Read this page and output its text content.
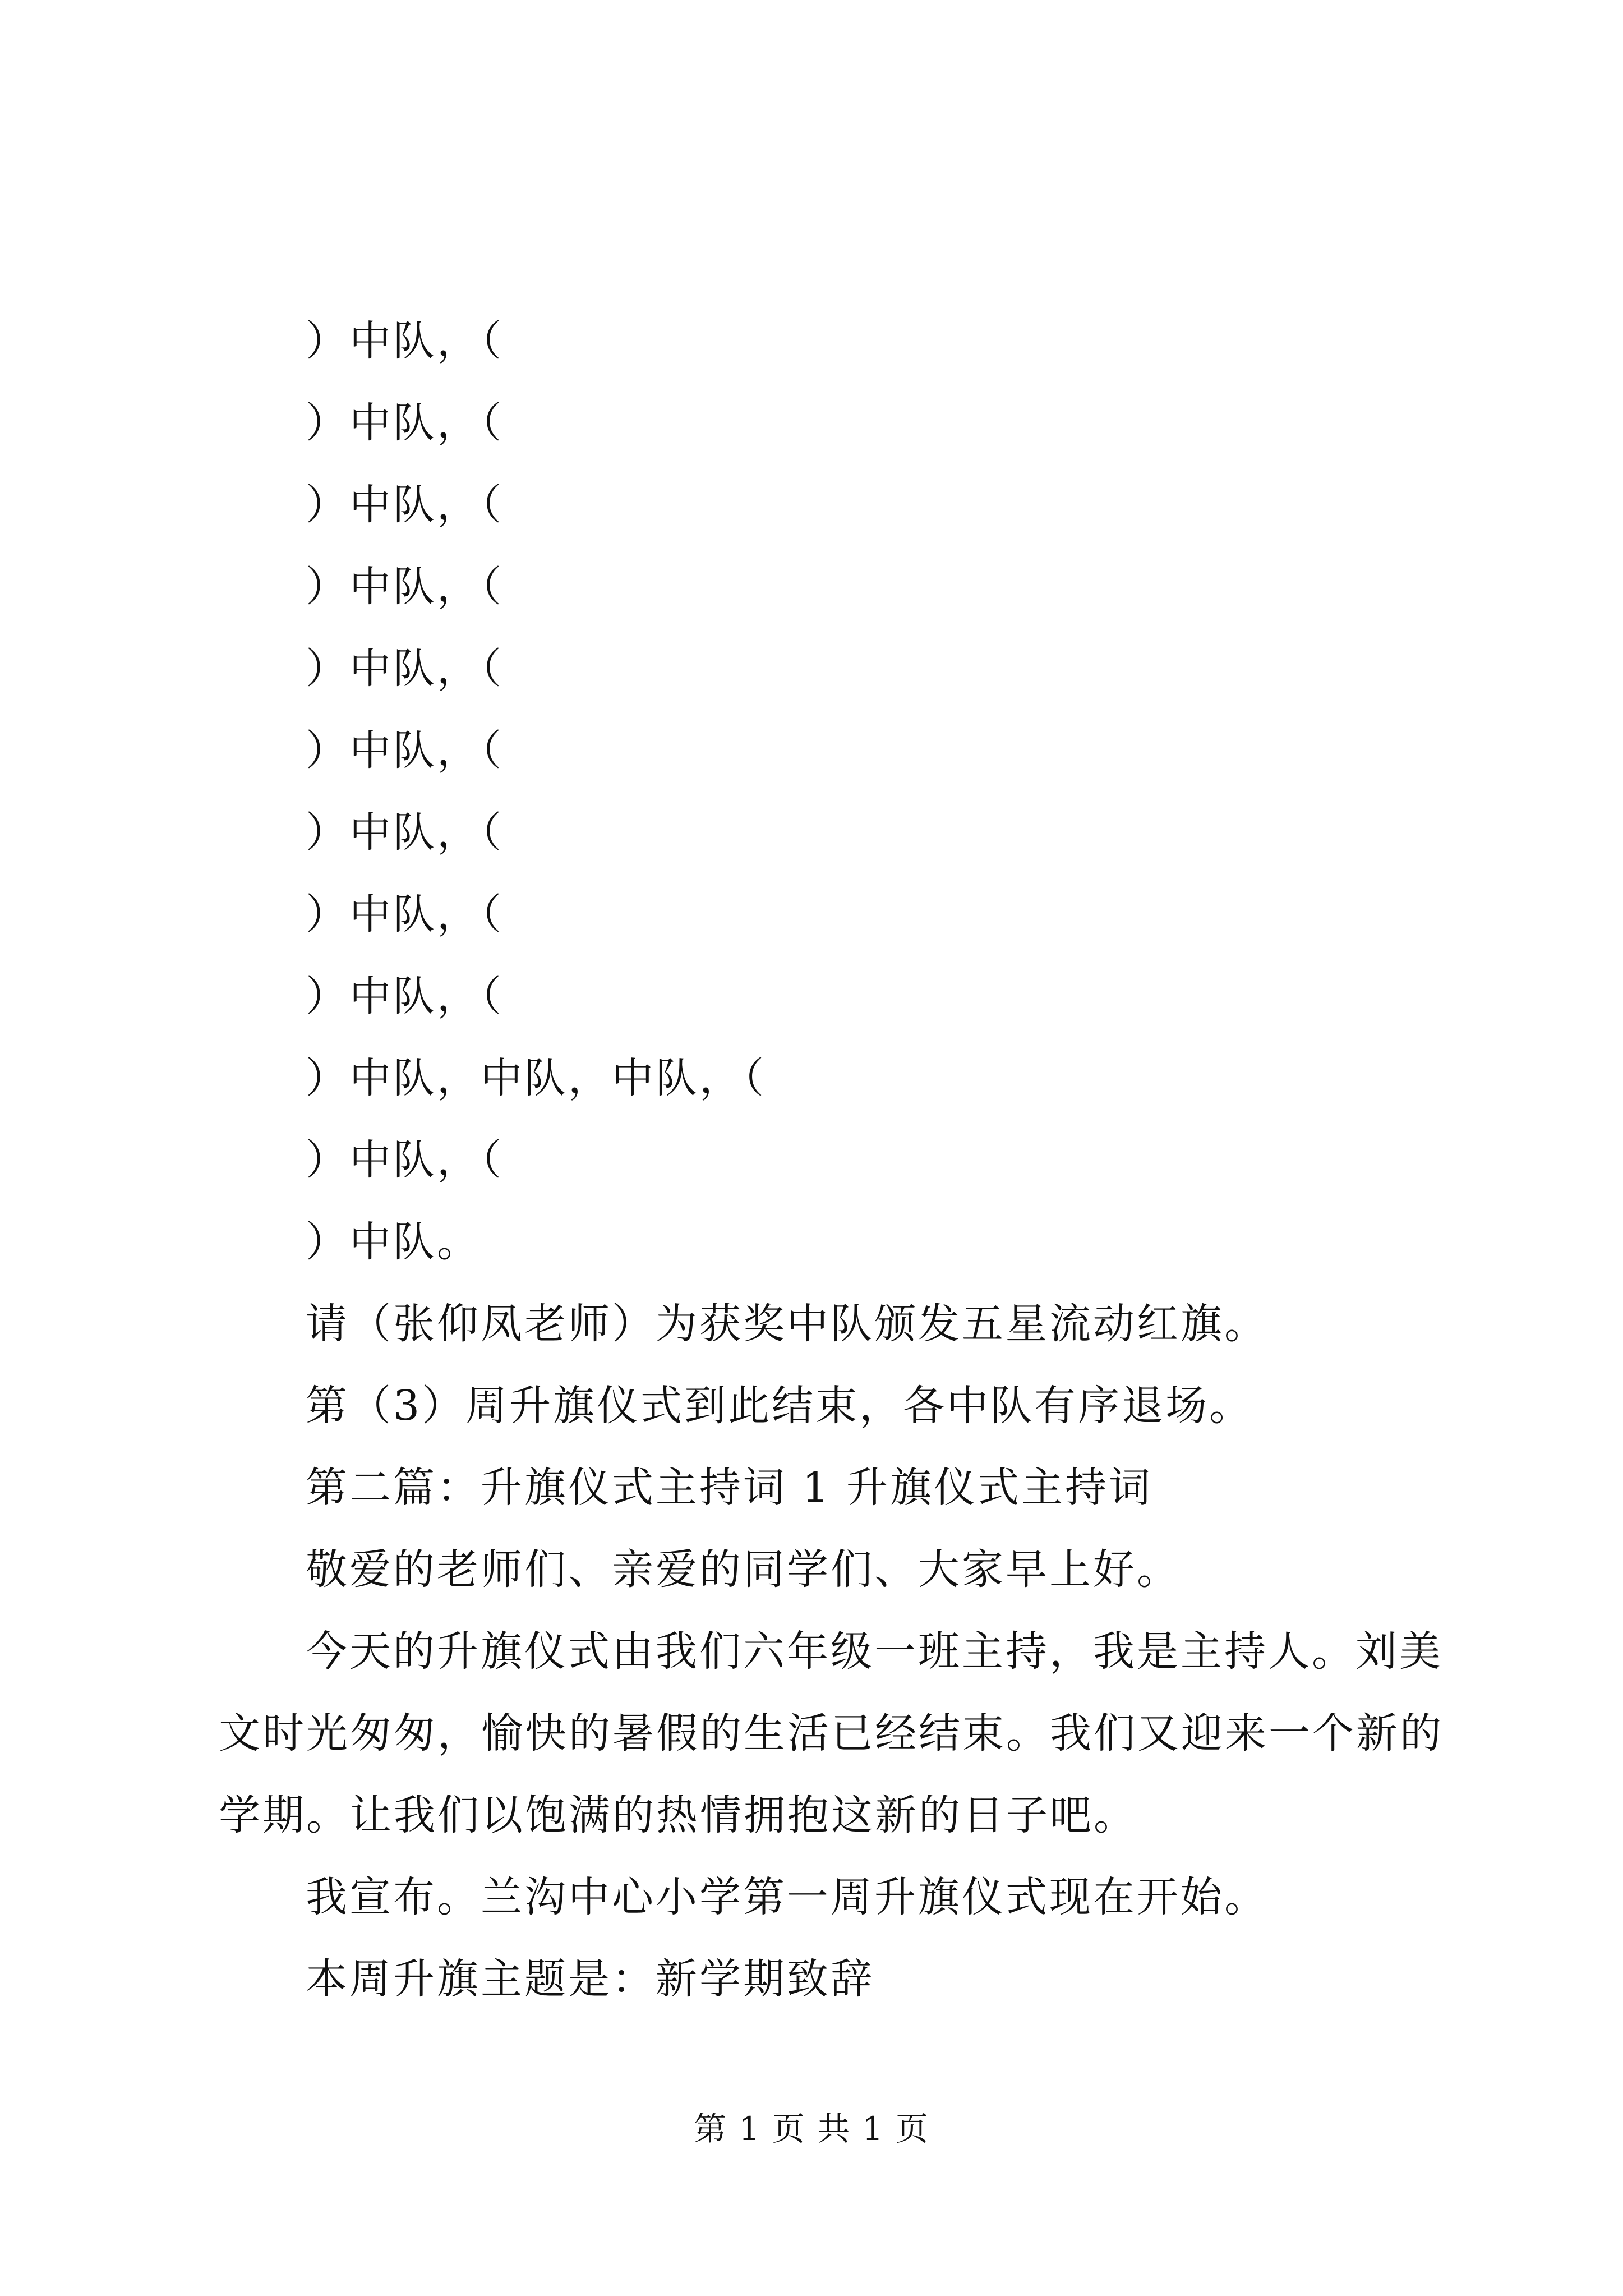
）中队，（
）中队，（
）中队，（
）中队，（
）中队，（
）中队，（
）中队，（
）中队，（
）中队，（
）中队，中队，中队，（
）中队，（
）中队。
请（张仰凤老师）为获奖中队颁发五星流动红旗。
第（3）周升旗仪式到此结束，各中队有序退场。
第二篇：升旗仪式主持词 1 升旗仪式主持词
敬爱的老师们、亲爱的同学们、大家早上好。
今天的升旗仪式由我们六年级一班主持，我是主持人。刘美
文时光匆匆，愉快的暑假的生活已经结束。我们又迎来一个新的
学期。让我们以饱满的热情拥抱这新的日子吧。
我宣布。兰沟中心小学第一周升旗仪式现在开始。
本周升旗主题是：新学期致辞
第 1 页 共 1 页
